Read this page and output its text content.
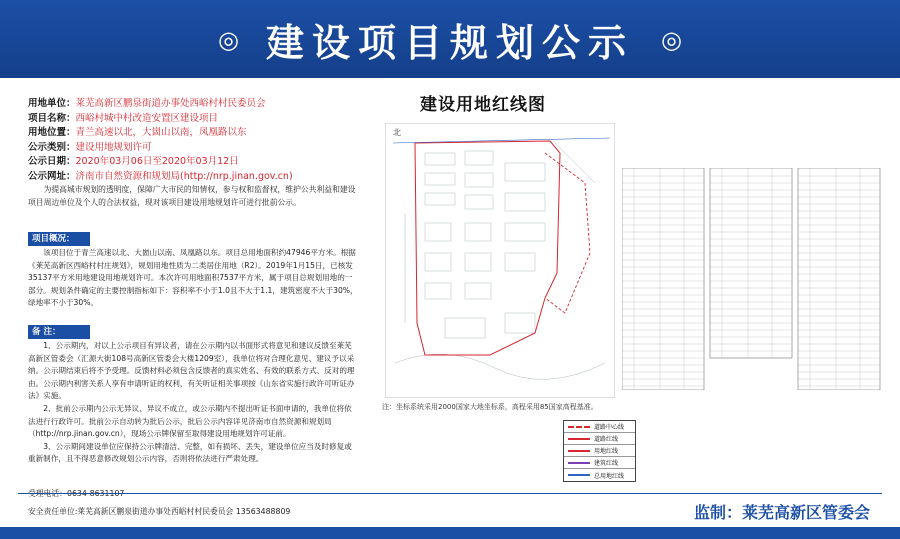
◎ 建设项目规划公示 ◎
用地单位：莱芜高新区鹏泉街道办事处西峪村村民委员会
项目名称：西峪村城中村改造安置区建设项目
用地位置：青兰高速以北，大崮山以南，凤凰路以东
公示类别：建设用地规划许可
公示日期：2020年03月06日至2020年03月12日
公示网址：济南市自然资源和规划局(http://nrp.jinan.gov.cn)

为提高城市规划的透明度，保障广大市民的知情权，参与权和监督权，维护公共利益和建设项目周边单位及个人的合法权益，现对该项目建设用地规划许可进行批前公示。

项目概况：

该项目位于青兰高速以北、大崮山以南、凤凰路以东。项目总用地面积约47946平方米。根据《莱芜高新区西峪村村庄规划》，规划用地性质为二类居住用地（R2）。2019年1月15日，已核发35137平方米用地建设用地规划许可。本次许可用地面积7537平方米，属于项目总规划用地的一部分。规划条件确定的主要控制指标如下：容积率不小于1.0且不大于1.1，建筑密度不大于30%，绿地率不小于30%。

备 注：

1、公示期内，对以上公示项目有异议者，请在公示期内以书面形式将意见和建议反馈至莱芜高新区管委会（汇源大街108号高新区管委会大楼1209室），我单位将对合理化意见、建议予以采纳。公示期结束后将不予受理。反馈材料必须包含反馈者的真实姓名、有效的联系方式、反对的理由。公示期内利害关系人享有申请听证的权利，有关听证相关事项按《山东省实施行政许可听证办法》实施。

2、批前公示期内公示无异议、异议不成立，或公示期内不提出听证书面申请的，我单位将依法进行行政许可。批前公示自动转为批后公示，批后公示内容详见济南市自然资源和规划局（http://nrp.jinan.gov.cn），现场公示牌保留至取得建设用地规划许可证前。

3、公示期间建设单位应保持公示牌清洁、完整，如有损坏、丢失，建设单位应当及时修复或重新制作，且不得恶意修改规划公示内容，否则将依法进行严肃处理。

受理电话：0634-8631107
安全责任单位:莱芜高新区鹏泉街道办事处西峪村村民委员会 13563488809
建设用地红线图
北
注：坐标系统采用2000国家大地坐标系，高程采用85国家高程基准。
道路中心线
道路红线
用地红线
建筑红线
总用地红线
监制：莱芜高新区管委会
